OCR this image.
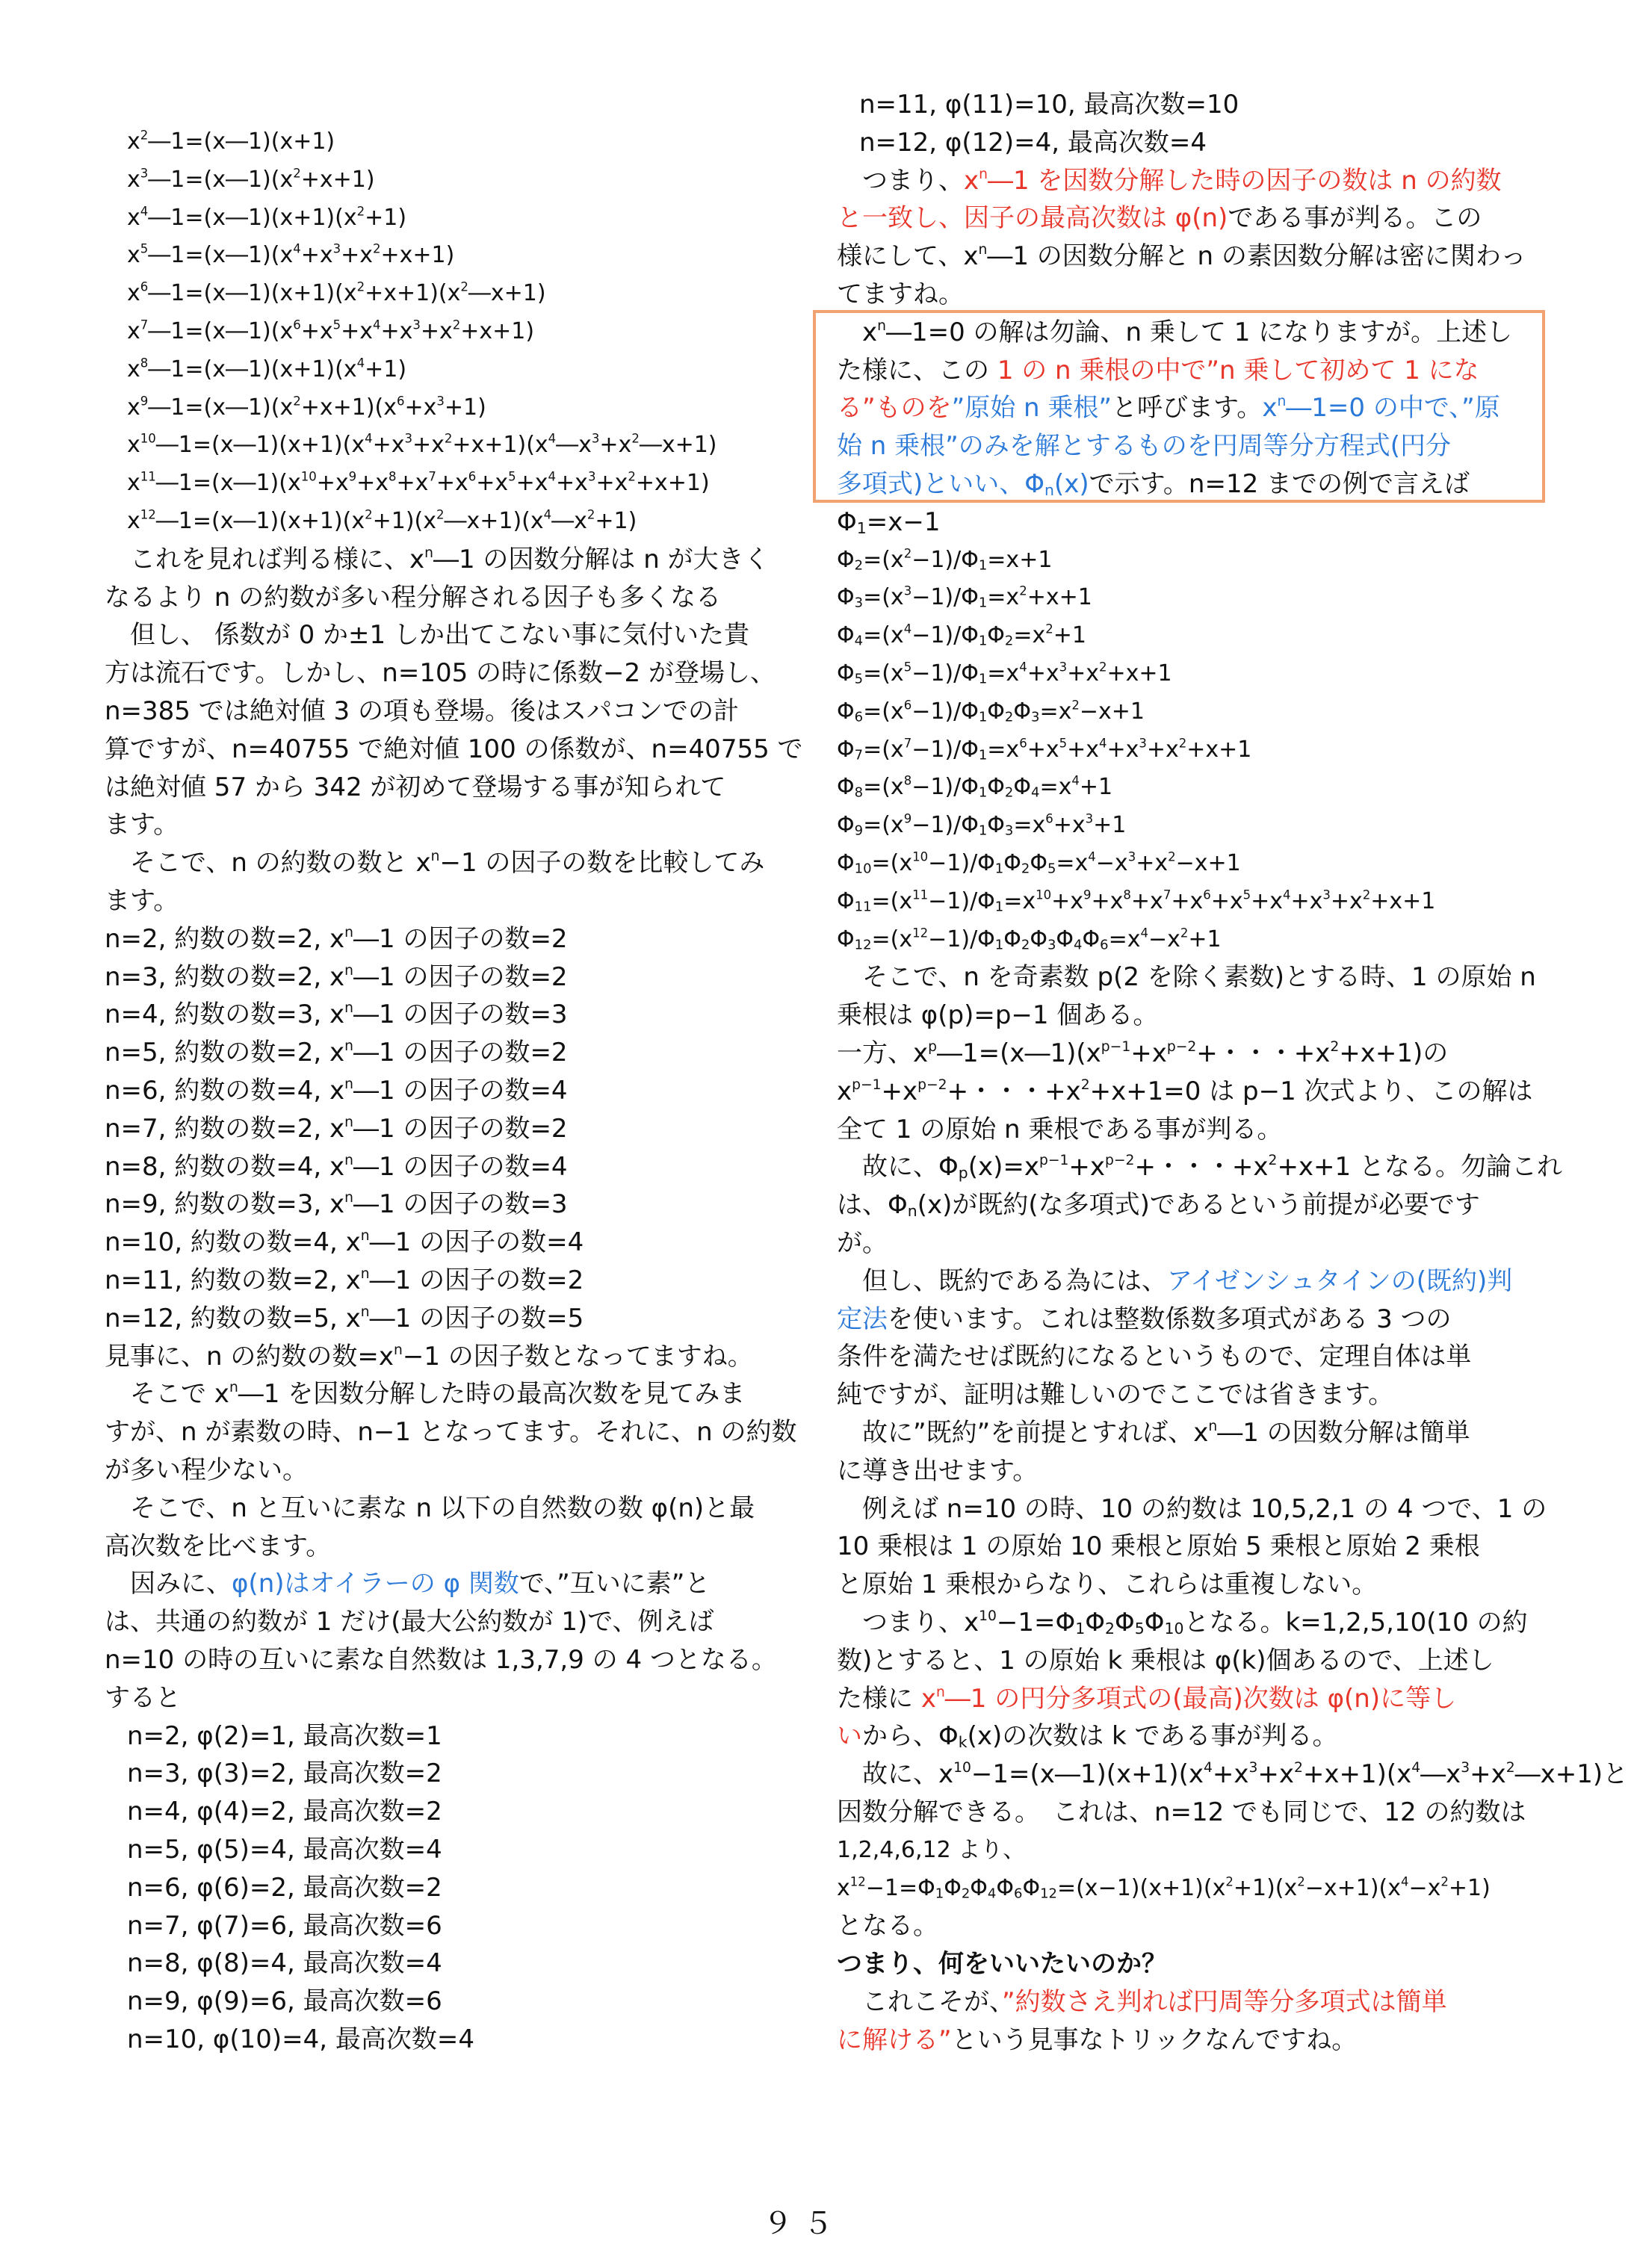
$x^2―1=(x―1)(x+1)$
$x^3―1=(x―1)(x^2+x+1)$
$x^4―1=(x―1)(x+1)(x^2+1)$
$x^5―1=(x―1)(x^4+x^3+x^2+x+1)$
$x^6―1=(x―1)(x+1)(x^2+x+1)(x^2―x+1)$
$x^7―1=(x―1)(x^6+x^5+x^4+x^3+x^2+x+1)$
$x^8―1=(x―1)(x+1)(x^4+1)$
$x^9―1=(x―1)(x^2+x+1)(x^6+x^3+1)$
$x^{10}―1=(x―1)(x+1)(x^4+x^3+x^2+x+1)(x^4―x^3+x^2―x+1)$
$x^{11}―1=(x―1)(x^{10}+x^9+x^8+x^7+x^6+x^5+x^4+x^3+x^2+x+1)$
$x^{12}―1=(x―1)(x+1)(x^2+1)(x^2―x+1)(x^4―x^2+1)$
　これを見れば判る様に、$x^n―1$ の因数分解は n が大きく
なるより n の約数が多い程分解される因子も多くなる
　但し、 係数が 0 か±1 しか出てこない事に気付いた貴
方は流石です。しかし、n=105 の時に係数−2 が登場し、
n=385 では絶対値 3 の項も登場。後はスパコンでの計
算ですが、n=40755 で絶対値 100 の係数が、n=40755 で
は絶対値 57 から 342 が初めて登場する事が知られて
ます。
　そこで、n の約数の数と $x^n-1$ の因子の数を比較してみ
ます。
n=2, 約数の数=2, $x^n―1$ の因子の数=2
n=3, 約数の数=2, $x^n―1$ の因子の数=2
n=4, 約数の数=3, $x^n―1$ の因子の数=3
n=5, 約数の数=2, $x^n―1$ の因子の数=2
n=6, 約数の数=4, $x^n―1$ の因子の数=4
n=7, 約数の数=2, $x^n―1$ の因子の数=2
n=8, 約数の数=4, $x^n―1$ の因子の数=4
n=9, 約数の数=3, $x^n―1$ の因子の数=3
n=10, 約数の数=4, $x^n―1$ の因子の数=4
n=11, 約数の数=2, $x^n―1$ の因子の数=2
n=12, 約数の数=5, $x^n―1$ の因子の数=5
見事に、n の約数の数$=x^n-1$ の因子数となってますね。
　そこで $x^n―1$ を因数分解した時の最高次数を見てみま
すが、n が素数の時、n−1 となってます。それに、n の約数
が多い程少ない。
　そこで、n と互いに素な n 以下の自然数の数 φ(n)と最
高次数を比べます。
　因みに、φ(n)はオイラーの φ 関数で、”互いに素”と
は、共通の約数が 1 だけ(最大公約数が 1)で、例えば
n=10 の時の互いに素な自然数は 1,3,7,9 の 4 つとなる。
すると
n=2, φ(2)=1, 最高次数=1
n=3, φ(3)=2, 最高次数=2
n=4, φ(4)=2, 最高次数=2
n=5, φ(5)=4, 最高次数=4
n=6, φ(6)=2, 最高次数=2
n=7, φ(7)=6, 最高次数=6
n=8, φ(8)=4, 最高次数=4
n=9, φ(9)=6, 最高次数=6
n=10, φ(10)=4, 最高次数=4
n=11, φ(11)=10, 最高次数=10
n=12, φ(12)=4, 最高次数=4
　つまり、$x^n―1$ を因数分解した時の因子の数は n の約数
と一致し、因子の最高次数は φ(n)である事が判る。この
様にして、$x^n―1$ の因数分解と n の素因数分解は密に関わっ
てますね。
　$x^n―1=0$ の解は勿論、n 乗して 1 になりますが。上述し
た様に、この 1 の n 乗根の中で”n 乗して初めて 1 にな
る”ものを”原始 n 乗根”と呼びます。$x^n―1=0$ の中で、”原
始 n 乗根”のみを解とするものを円周等分方程式(円分
多項式)といい、$\Phi_n(x)$で示す。n=12 までの例で言えば
$\Phi_1=x-1$
$\Phi_2=(x^2-1)/\Phi_1=x+1$
$\Phi_3=(x^3-1)/\Phi_1=x^2+x+1$
$\Phi_4=(x^4-1)/\Phi_1\Phi_2=x^2+1$
$\Phi_5=(x^5-1)/\Phi_1=x^4+x^3+x^2+x+1$
$\Phi_6=(x^6-1)/\Phi_1\Phi_2\Phi_3=x^2-x+1$
$\Phi_7=(x^7-1)/\Phi_1=x^6+x^5+x^4+x^3+x^2+x+1$
$\Phi_8=(x^8-1)/\Phi_1\Phi_2\Phi_4=x^4+1$
$\Phi_9=(x^9-1)/\Phi_1\Phi_3=x^6+x^3+1$
$\Phi_{10}=(x^{10}-1)/\Phi_1\Phi_2\Phi_5=x^4-x^3+x^2-x+1$
$\Phi_{11}=(x^{11}-1)/\Phi_1=x^{10}+x^9+x^8+x^7+x^6+x^5+x^4+x^3+x^2+x+1$
$\Phi_{12}=(x^{12}-1)/\Phi_1\Phi_2\Phi_3\Phi_4\Phi_6=x^4-x^2+1$
　そこで、n を奇素数 p(2 を除く素数)とする時、1 の原始 n
乗根は φ(p)=p−1 個ある。
一方、$x^p―1=(x―1)(x^{p-1}+x^{p-2}+$・・・$+x^2+x+1$)の
$x^{p-1}+x^{p-2}+$・・・$+x^2+x+1=0$ は p−1 次式より、この解は
全て 1 の原始 n 乗根である事が判る。
　故に、$\Phi_p(x)=x^{p-1}+x^{p-2}+$・・・$+x^2+x+1$ となる。勿論これ
は、$\Phi_n(x)$が既約(な多項式)であるという前提が必要です
が。
　但し、既約である為には、アイゼンシュタインの(既約)判
定法を使います。これは整数係数多項式がある 3 つの
条件を満たせば既約になるというもので、定理自体は単
純ですが、証明は難しいのでここでは省きます。
　故に”既約”を前提とすれば、$x^n―1$ の因数分解は簡単
に導き出せます。
　例えば n=10 の時、10 の約数は 10,5,2,1 の 4 つで、1 の
10 乗根は 1 の原始 10 乗根と原始 5 乗根と原始 2 乗根
と原始 1 乗根からなり、これらは重複しない。
　つまり、$x^{10}-1=\Phi_1\Phi_2\Phi_5\Phi_{10}$となる。k=1,2,5,10(10 の約
数)とすると、1 の原始 k 乗根は φ(k)個あるので、上述し
た様に $x^n―1$ の円分多項式の(最高)次数は φ(n)に等し
いから、$\Phi_k(x)$の次数は k である事が判る。
　故に、$x^{10}-1=(x―1)(x+1)(x^4+x^3+x^2+x+1)(x^4―x^3+x^2―x+1)$と
因数分解できる。　これは、n=12 でも同じで、12 の約数は
1,2,4,6,12 より、
$x^{12}-1=\Phi_1\Phi_2\Phi_4\Phi_6\Phi_{12}=(x-1)(x+1)(x^2+1)(x^2-x+1)(x^4-x^2+1)$
となる。
つまり、何をいいたいのか？
　これこそが、”約数さえ判れば円周等分多項式は簡単
に解ける”という見事なトリックなんですね。
９５
